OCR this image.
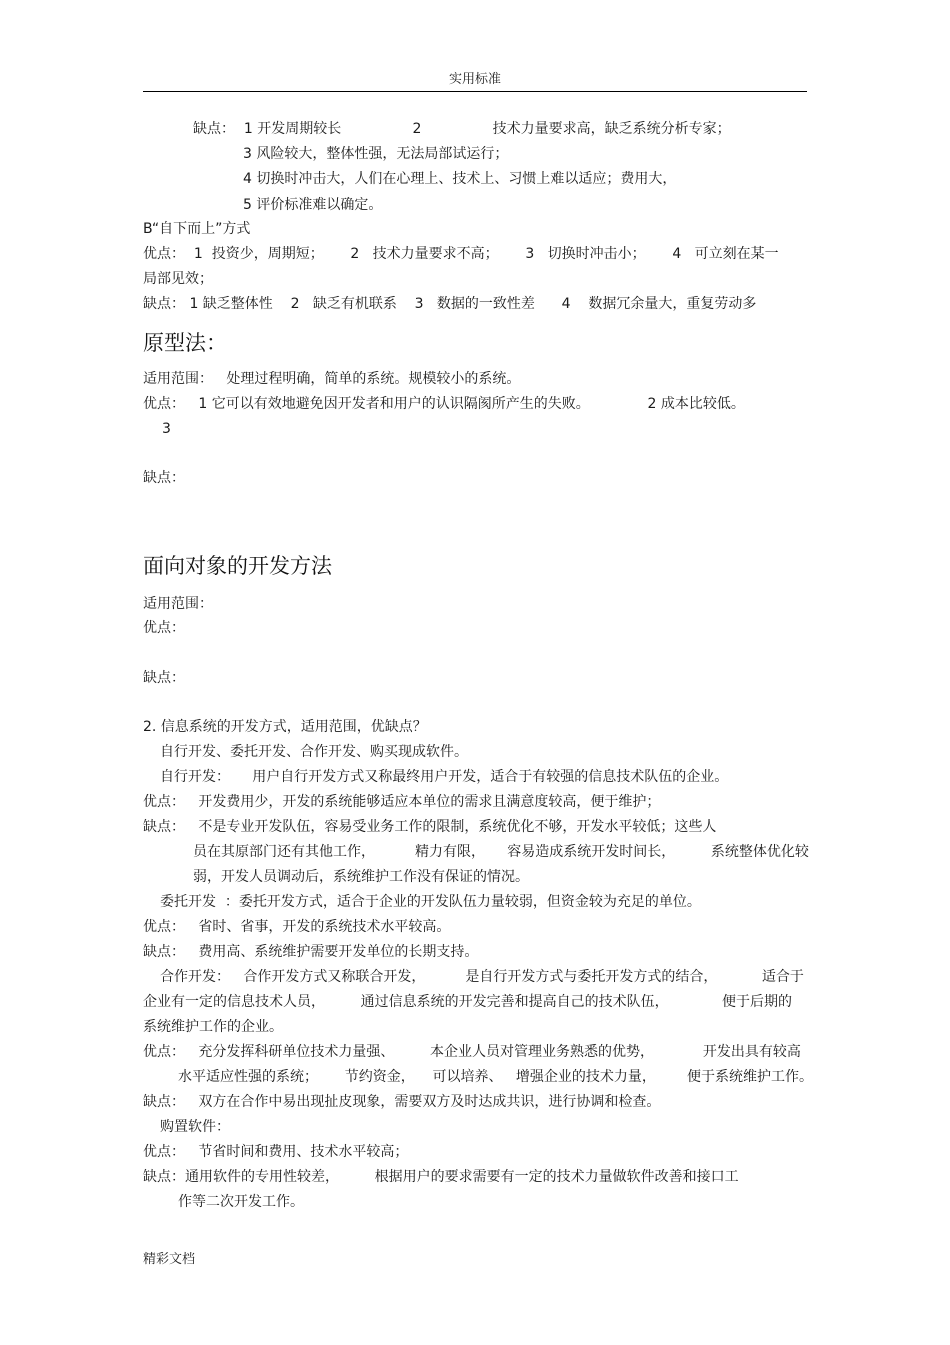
实用标准
缺点：  1 开发周期较长                2                技术力量要求高，缺乏系统分析专家；
3 风险较大，整体性强，无法局部试运行；
4 切换时冲击大，人们在心理上、技术上、习惯上难以适应；费用大，
5 评价标准难以确定。
B“自下而上”方式
优点：  1  投资少，周期短；      2   技术力量要求不高；      3   切换时冲击小；      4   可立刻在某一
局部见效；
缺点： 1 缺乏整体性    2   缺乏有机联系    3   数据的一致性差      4    数据冗余量大，重复劳动多
原型法：
适用范围：   处理过程明确，简单的系统。规模较小的系统。
优点：   1 它可以有效地避免因开发者和用户的认识隔阂所产生的失败。             2 成本比较低。
3
缺点：
面向对象的开发方法
适用范围：
优点：
缺点：
2. 信息系统的开发方式，适用范围，优缺点？
自行开发、委托开发、合作开发、购买现成软件。
自行开发：     用户自行开发方式又称最终用户开发，适合于有较强的信息技术队伍的企业。
优点：   开发费用少，开发的系统能够适应本单位的需求且满意度较高，便于维护；
缺点：   不是专业开发队伍，容易受业务工作的限制，系统优化不够，开发水平较低；这些人
员在其原部门还有其他工作，         精力有限，     容易造成系统开发时间长，        系统整体优化较
弱，开发人员调动后，系统维护工作没有保证的情况。
委托开发  ：委托开发方式，适合于企业的开发队伍力量较弱，但资金较为充足的单位。
优点：   省时、省事，开发的系统技术水平较高。
缺点：   费用高、系统维护需要开发单位的长期支持。
合作开发：   合作开发方式又称联合开发，         是自行开发方式与委托开发方式的结合，          适合于
企业有一定的信息技术人员，        通过信息系统的开发完善和提高自己的技术队伍，            便于后期的
系统维护工作的企业。
优点：   充分发挥科研单位技术力量强、        本企业人员对管理业务熟悉的优势，           开发出具有较高
水平适应性强的系统；      节约资金，    可以培养、   增强企业的技术力量，       便于系统维护工作。
缺点：   双方在合作中易出现扯皮现象，需要双方及时达成共识，进行协调和检查。
购置软件：
优点：   节省时间和费用、技术水平较高；
缺点：通用软件的专用性较差，        根据用户的要求需要有一定的技术力量做软件改善和接口工
作等二次开发工作。
精彩文档
